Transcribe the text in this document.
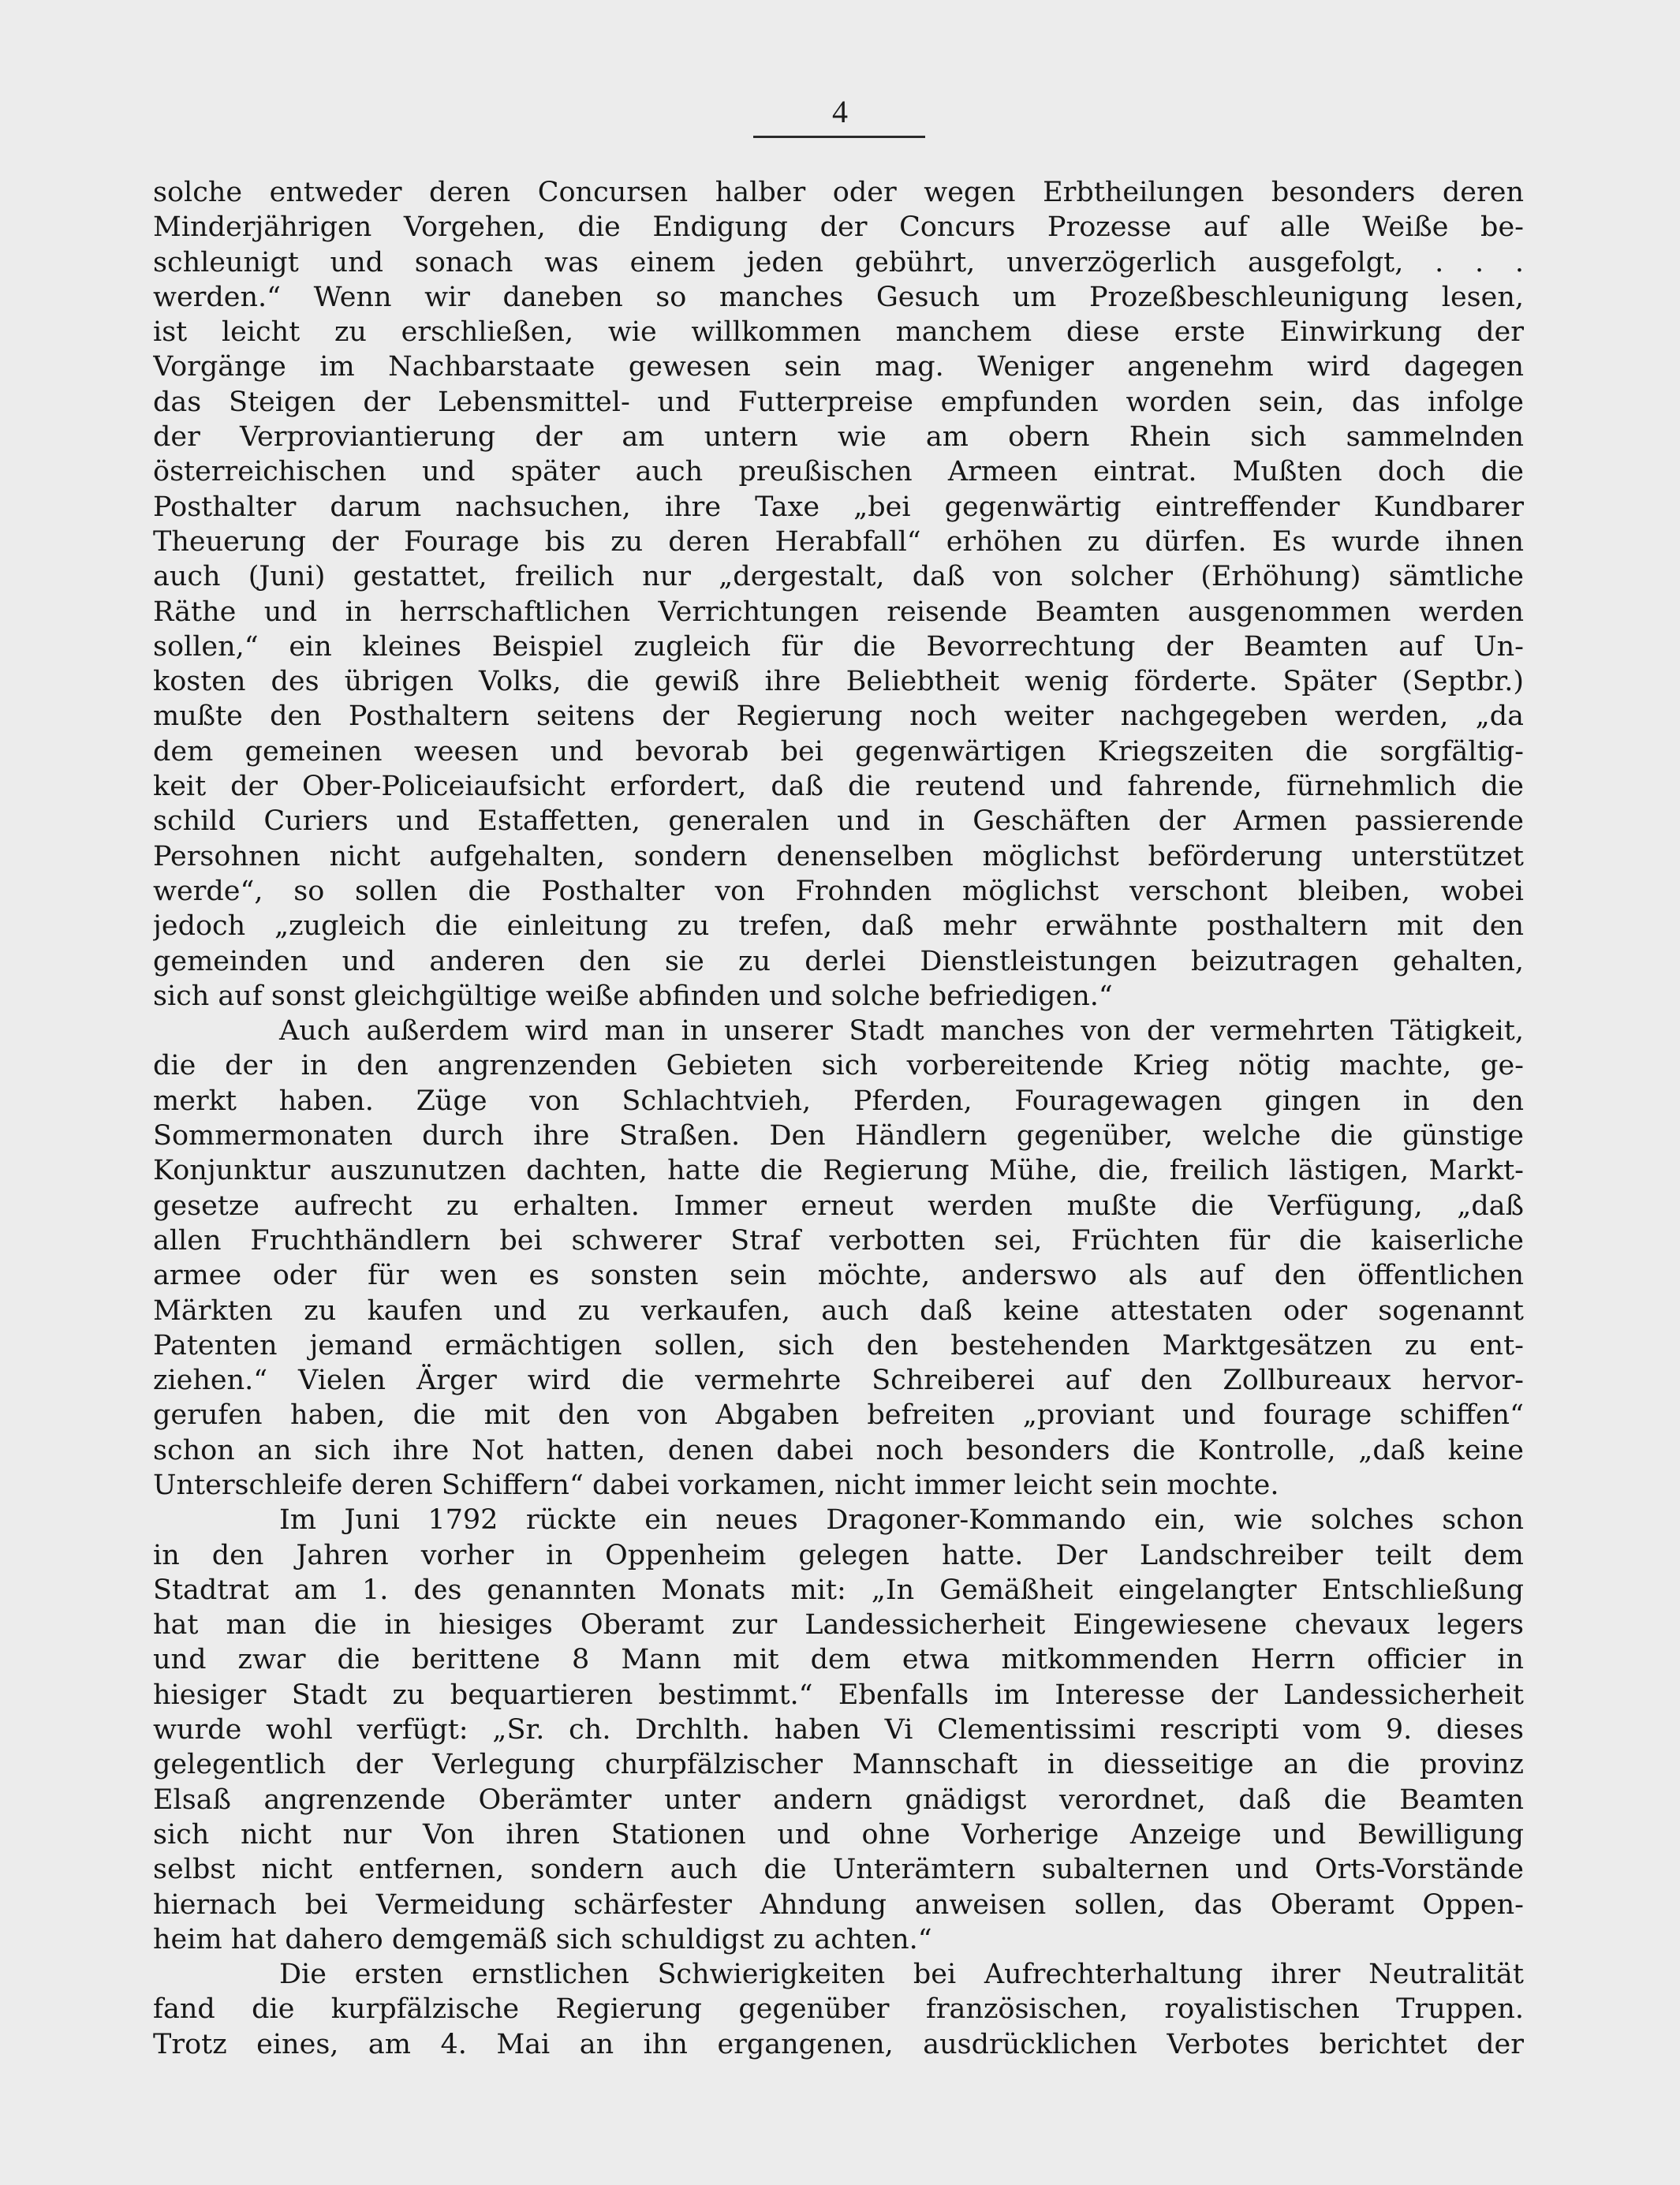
4
solche entweder deren Concursen halber oder wegen Erbtheilungen besonders deren
Minderjährigen Vorgehen, die Endigung der Concurs Prozesse auf alle Weiße be-
schleunigt und sonach was einem jeden gebührt, unverzögerlich ausgefolgt, . . .
werden.“ Wenn wir daneben so manches Gesuch um Prozeßbeschleunigung lesen,
ist leicht zu erschließen, wie willkommen manchem diese erste Einwirkung der
Vorgänge im Nachbarstaate gewesen sein mag. Weniger angenehm wird dagegen
das Steigen der Lebensmittel- und Futterpreise empfunden worden sein, das infolge
der Verproviantierung der am untern wie am obern Rhein sich sammelnden
österreichischen und später auch preußischen Armeen eintrat. Mußten doch die
Posthalter darum nachsuchen, ihre Taxe „bei gegenwärtig eintreffender Kundbarer
Theuerung der Fourage bis zu deren Herabfall“ erhöhen zu dürfen. Es wurde ihnen
auch (Juni) gestattet, freilich nur „dergestalt, daß von solcher (Erhöhung) sämtliche
Räthe und in herrschaftlichen Verrichtungen reisende Beamten ausgenommen werden
sollen,“ ein kleines Beispiel zugleich für die Bevorrechtung der Beamten auf Un-
kosten des übrigen Volks, die gewiß ihre Beliebtheit wenig förderte. Später (Septbr.)
mußte den Posthaltern seitens der Regierung noch weiter nachgegeben werden, „da
dem gemeinen weesen und bevorab bei gegenwärtigen Kriegszeiten die sorgfältig-
keit der Ober-Policeiaufsicht erfordert, daß die reutend und fahrende, fürnehmlich die
schild Curiers und Estaffetten, generalen und in Geschäften der Armen passierende
Persohnen nicht aufgehalten, sondern denenselben möglichst beförderung unterstützet
werde“, so sollen die Posthalter von Frohnden möglichst verschont bleiben, wobei
jedoch „zugleich die einleitung zu trefen, daß mehr erwähnte posthaltern mit den
gemeinden und anderen den sie zu derlei Dienstleistungen beizutragen gehalten,
sich auf sonst gleichgültige weiße abfinden und solche befriedigen.“
Auch außerdem wird man in unserer Stadt manches von der vermehrten Tätigkeit,
die der in den angrenzenden Gebieten sich vorbereitende Krieg nötig machte, ge-
merkt haben. Züge von Schlachtvieh, Pferden, Fouragewagen gingen in den
Sommermonaten durch ihre Straßen. Den Händlern gegenüber, welche die günstige
Konjunktur auszunutzen dachten, hatte die Regierung Mühe, die, freilich lästigen, Markt-
gesetze aufrecht zu erhalten. Immer erneut werden mußte die Verfügung, „daß
allen Fruchthändlern bei schwerer Straf verbotten sei, Früchten für die kaiserliche
armee oder für wen es sonsten sein möchte, anderswo als auf den öffentlichen
Märkten zu kaufen und zu verkaufen, auch daß keine attestaten oder sogenannt
Patenten jemand ermächtigen sollen, sich den bestehenden Marktgesätzen zu ent-
ziehen.“ Vielen Ärger wird die vermehrte Schreiberei auf den Zollbureaux hervor-
gerufen haben, die mit den von Abgaben befreiten „proviant und fourage schiffen“
schon an sich ihre Not hatten, denen dabei noch besonders die Kontrolle, „daß keine
Unterschleife deren Schiffern“ dabei vorkamen, nicht immer leicht sein mochte.
Im Juni 1792 rückte ein neues Dragoner-Kommando ein, wie solches schon
in den Jahren vorher in Oppenheim gelegen hatte. Der Landschreiber teilt dem
Stadtrat am 1. des genannten Monats mit: „In Gemäßheit eingelangter Entschließung
hat man die in hiesiges Oberamt zur Landessicherheit Eingewiesene chevaux legers
und zwar die berittene 8 Mann mit dem etwa mitkommenden Herrn officier in
hiesiger Stadt zu bequartieren bestimmt.“ Ebenfalls im Interesse der Landessicherheit
wurde wohl verfügt: „Sr. ch. Drchlth. haben Vi Clementissimi rescripti vom 9. dieses
gelegentlich der Verlegung churpfälzischer Mannschaft in diesseitige an die provinz
Elsaß angrenzende Oberämter unter andern gnädigst verordnet, daß die Beamten
sich nicht nur Von ihren Stationen und ohne Vorherige Anzeige und Bewilligung
selbst nicht entfernen, sondern auch die Unterämtern subalternen und Orts-Vorstände
hiernach bei Vermeidung schärfester Ahndung anweisen sollen, das Oberamt Oppen-
heim hat dahero demgemäß sich schuldigst zu achten.“
Die ersten ernstlichen Schwierigkeiten bei Aufrechterhaltung ihrer Neutralität
fand die kurpfälzische Regierung gegenüber französischen, royalistischen Truppen.
Trotz eines, am 4. Mai an ihn ergangenen, ausdrücklichen Verbotes berichtet der
